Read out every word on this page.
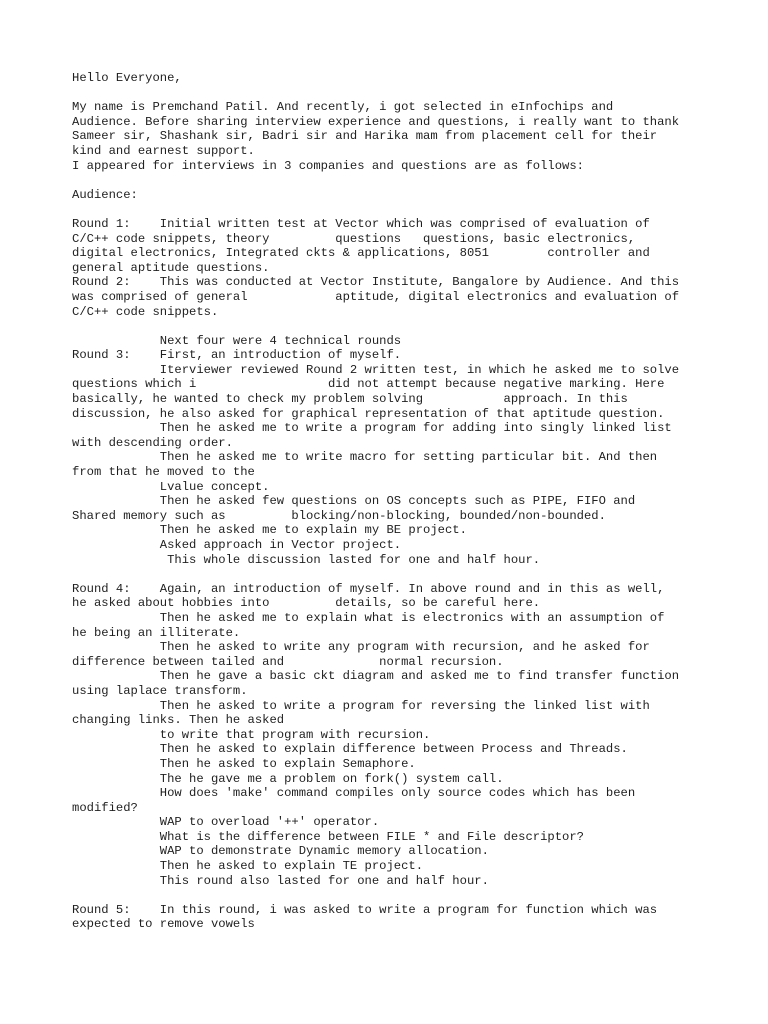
Hello Everyone,
My name is Premchand Patil. And recently, i got selected in eInfochips and
Audience. Before sharing interview experience and questions, i really want to thank
Sameer sir, Shashank sir, Badri sir and Harika mam from placement cell for their
kind and earnest support.
I appeared for interviews in 3 companies and questions are as follows:
Audience:
Round 1:    Initial written test at Vector which was comprised of evaluation of
C/C++ code snippets, theory         questions   questions, basic electronics,
digital electronics, Integrated ckts & applications, 8051        controller and
general aptitude questions.
Round 2:    This was conducted at Vector Institute, Bangalore by Audience. And this
was comprised of general            aptitude, digital electronics and evaluation of
C/C++ code snippets.
Next four were 4 technical rounds
Round 3:    First, an introduction of myself.
Iterviewer reviewed Round 2 written test, in which he asked me to solve
questions which i                  did not attempt because negative marking. Here
basically, he wanted to check my problem solving           approach. In this
discussion, he also asked for graphical representation of that aptitude question.
Then he asked me to write a program for adding into singly linked list
with descending order.
Then he asked me to write macro for setting particular bit. And then
from that he moved to the
Lvalue concept.
Then he asked few questions on OS concepts such as PIPE, FIFO and
Shared memory such as         blocking/non-blocking, bounded/non-bounded.
Then he asked me to explain my BE project.
Asked approach in Vector project.
This whole discussion lasted for one and half hour.
Round 4:    Again, an introduction of myself. In above round and in this as well,
he asked about hobbies into         details, so be careful here.
Then he asked me to explain what is electronics with an assumption of
he being an illiterate.
Then he asked to write any program with recursion, and he asked for
difference between tailed and             normal recursion.
Then he gave a basic ckt diagram and asked me to find transfer function
using laplace transform.
Then he asked to write a program for reversing the linked list with
changing links. Then he asked
to write that program with recursion.
Then he asked to explain difference between Process and Threads.
Then he asked to explain Semaphore.
The he gave me a problem on fork() system call.
How does 'make' command compiles only source codes which has been
modified?
WAP to overload '++' operator.
What is the difference between FILE * and File descriptor?
WAP to demonstrate Dynamic memory allocation.
Then he asked to explain TE project.
This round also lasted for one and half hour.
Round 5:    In this round, i was asked to write a program for function which was
expected to remove vowels
